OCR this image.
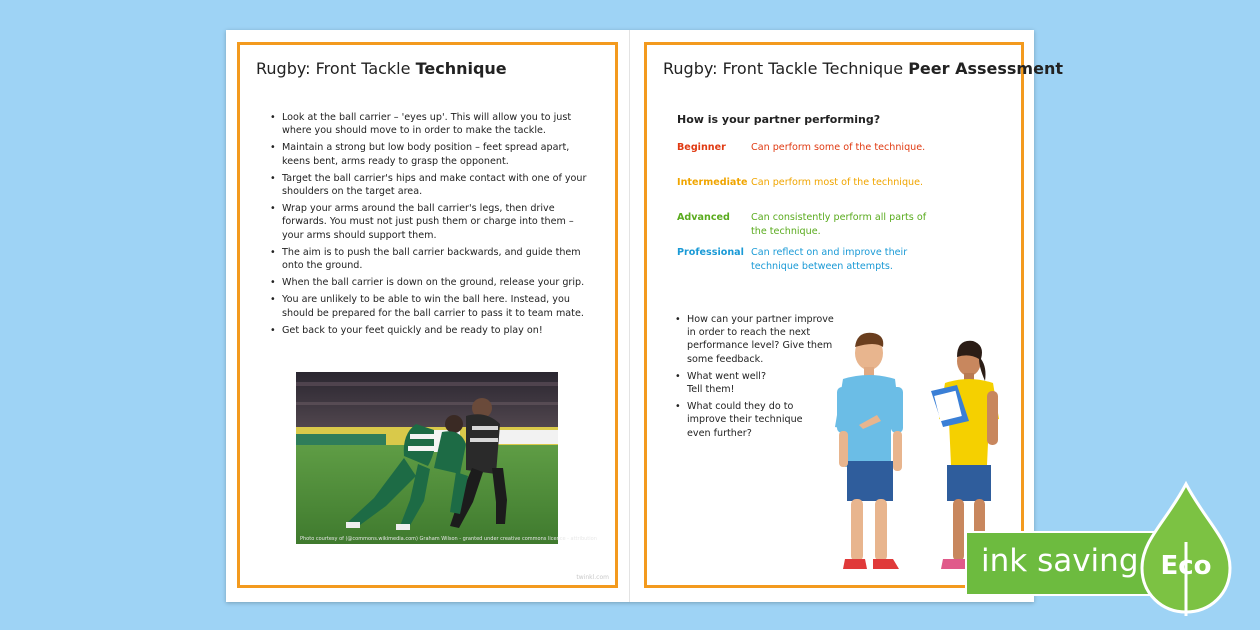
Rugby: Front Tackle Technique
• Look at the ball carrier – 'eyes up'. This will allow you to just where you should move to in order to make the tackle.
• Maintain a strong but low body position – feet spread apart, keens bent, arms ready to grasp the opponent.
• Target the ball carrier's hips and make contact with one of your shoulders on the target area.
• Wrap your arms around the ball carrier's legs, then drive forwards. You must not just push them or charge into them – your arms should support them.
• The aim is to push the ball carrier backwards, and guide them onto the ground.
• When the ball carrier is down on the ground, release your grip.
• You are unlikely to be able to win the ball here. Instead, you should be prepared for the ball carrier to pass it to team mate.
• Get back to your feet quickly and be ready to play on!
Photo courtesy of (@commons.wikimedia.com) Graham Wilson - granted under creative commons licence - attribution
twinkl.com
Rugby: Front Tackle Technique Peer Assessment
How is your partner performing?
Beginner	Can perform some of the technique.
Intermediate Can perform most of the technique.
Advanced	Can consistently perform all parts of the technique.
Professional Can reflect on and improve their technique between attempts.
• How can your partner improve in order to reach the next performance level? Give them some feedback.
• What went well? Tell them!
• What could they do to improve their technique even further?
ink saving Eco
